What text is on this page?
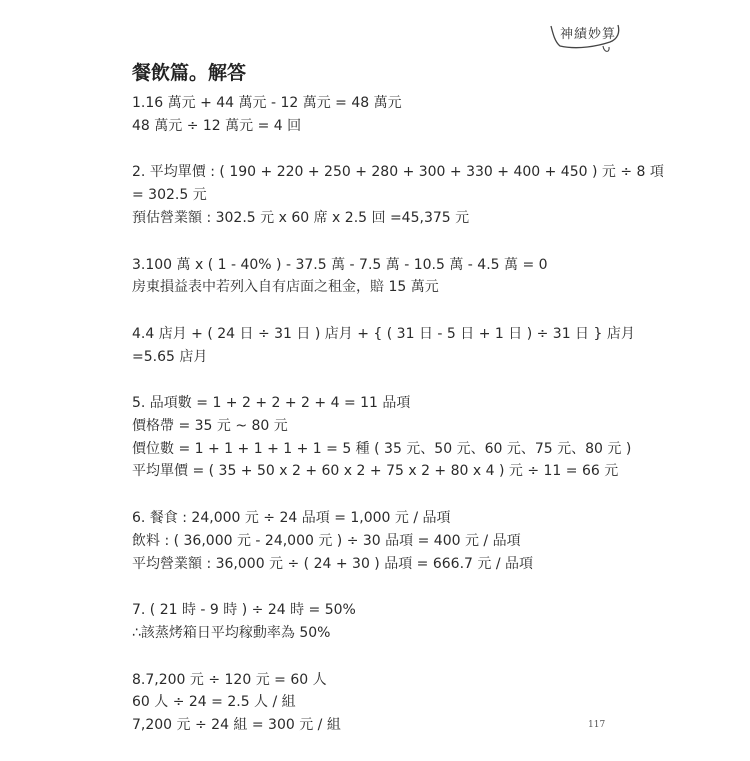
神績妙算
餐飲篇。解答
1.16 萬元 + 44 萬元 - 12 萬元 = 48 萬元
48 萬元 ÷ 12 萬元 = 4 回
2. 平均單價 : ( 190 + 220 + 250 + 280 + 300 + 330 + 400 + 450 ) 元 ÷ 8 項
= 302.5 元
預估營業額 : 302.5 元 x 60 席 x 2.5 回 =45,375 元
3.100 萬 x ( 1 - 40% ) - 37.5 萬 - 7.5 萬 - 10.5 萬 - 4.5 萬 = 0
房東損益表中若列入自有店面之租金，賠 15 萬元
4.4 店月 + ( 24 日 ÷ 31 日 ) 店月 + { ( 31 日 - 5 日 + 1 日 ) ÷ 31 日 } 店月
=5.65 店月
5. 品項數 = 1 + 2 + 2 + 2 + 4 = 11 品項
價格帶 = 35 元 ~ 80 元
價位數 = 1 + 1 + 1 + 1 + 1 = 5 種 ( 35 元、50 元、60 元、75 元、80 元 )
平均單價 = ( 35 + 50 x 2 + 60 x 2 + 75 x 2 + 80 x 4 ) 元 ÷ 11 = 66 元
6. 餐食 : 24,000 元 ÷ 24 品項 = 1,000 元 / 品項
飲料 : ( 36,000 元 - 24,000 元 ) ÷ 30 品項 = 400 元 / 品項
平均營業額 : 36,000 元 ÷ ( 24 + 30 ) 品項 = 666.7 元 / 品項
7. ( 21 時 - 9 時 ) ÷ 24 時 = 50%
∴該蒸烤箱日平均稼動率為 50%
8.7,200 元 ÷ 120 元 = 60 人
60 人 ÷ 24 = 2.5 人 / 組
7,200 元 ÷ 24 組 = 300 元 / 組	117
